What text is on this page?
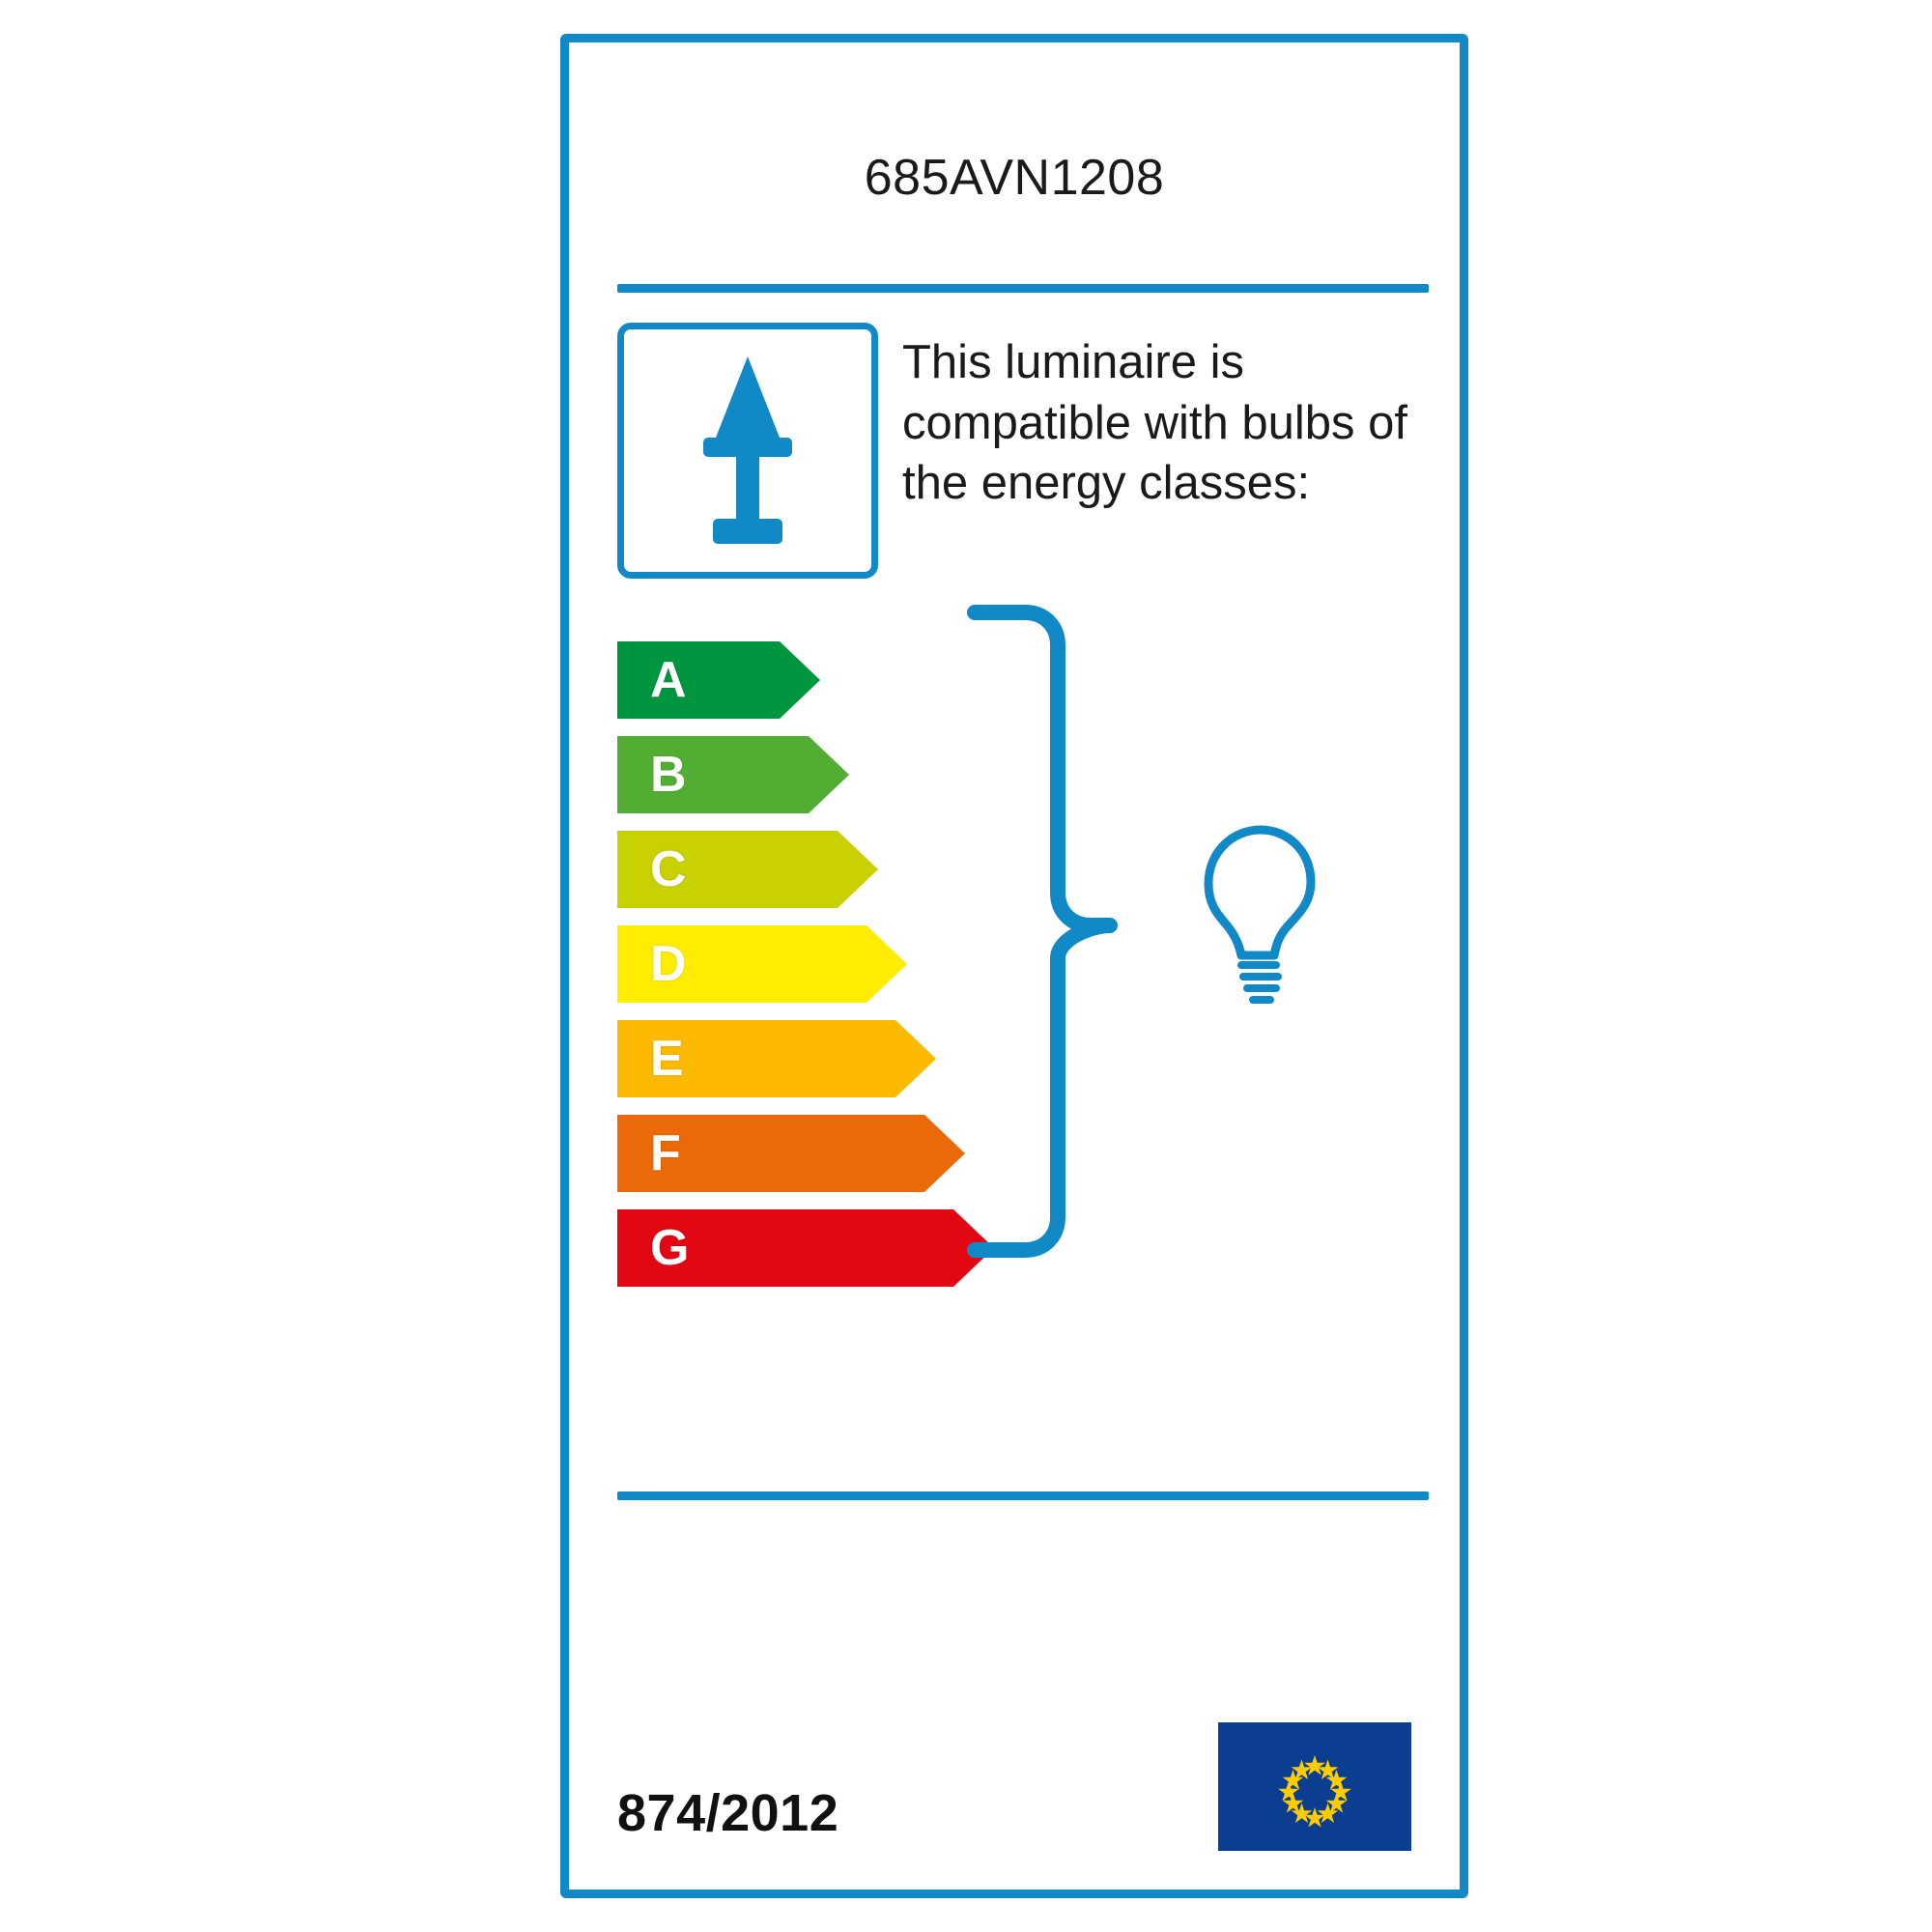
685AVN1208
This luminaire is compatible with bulbs of the energy classes:
A
B
C
D
E
F
G
874/2012
